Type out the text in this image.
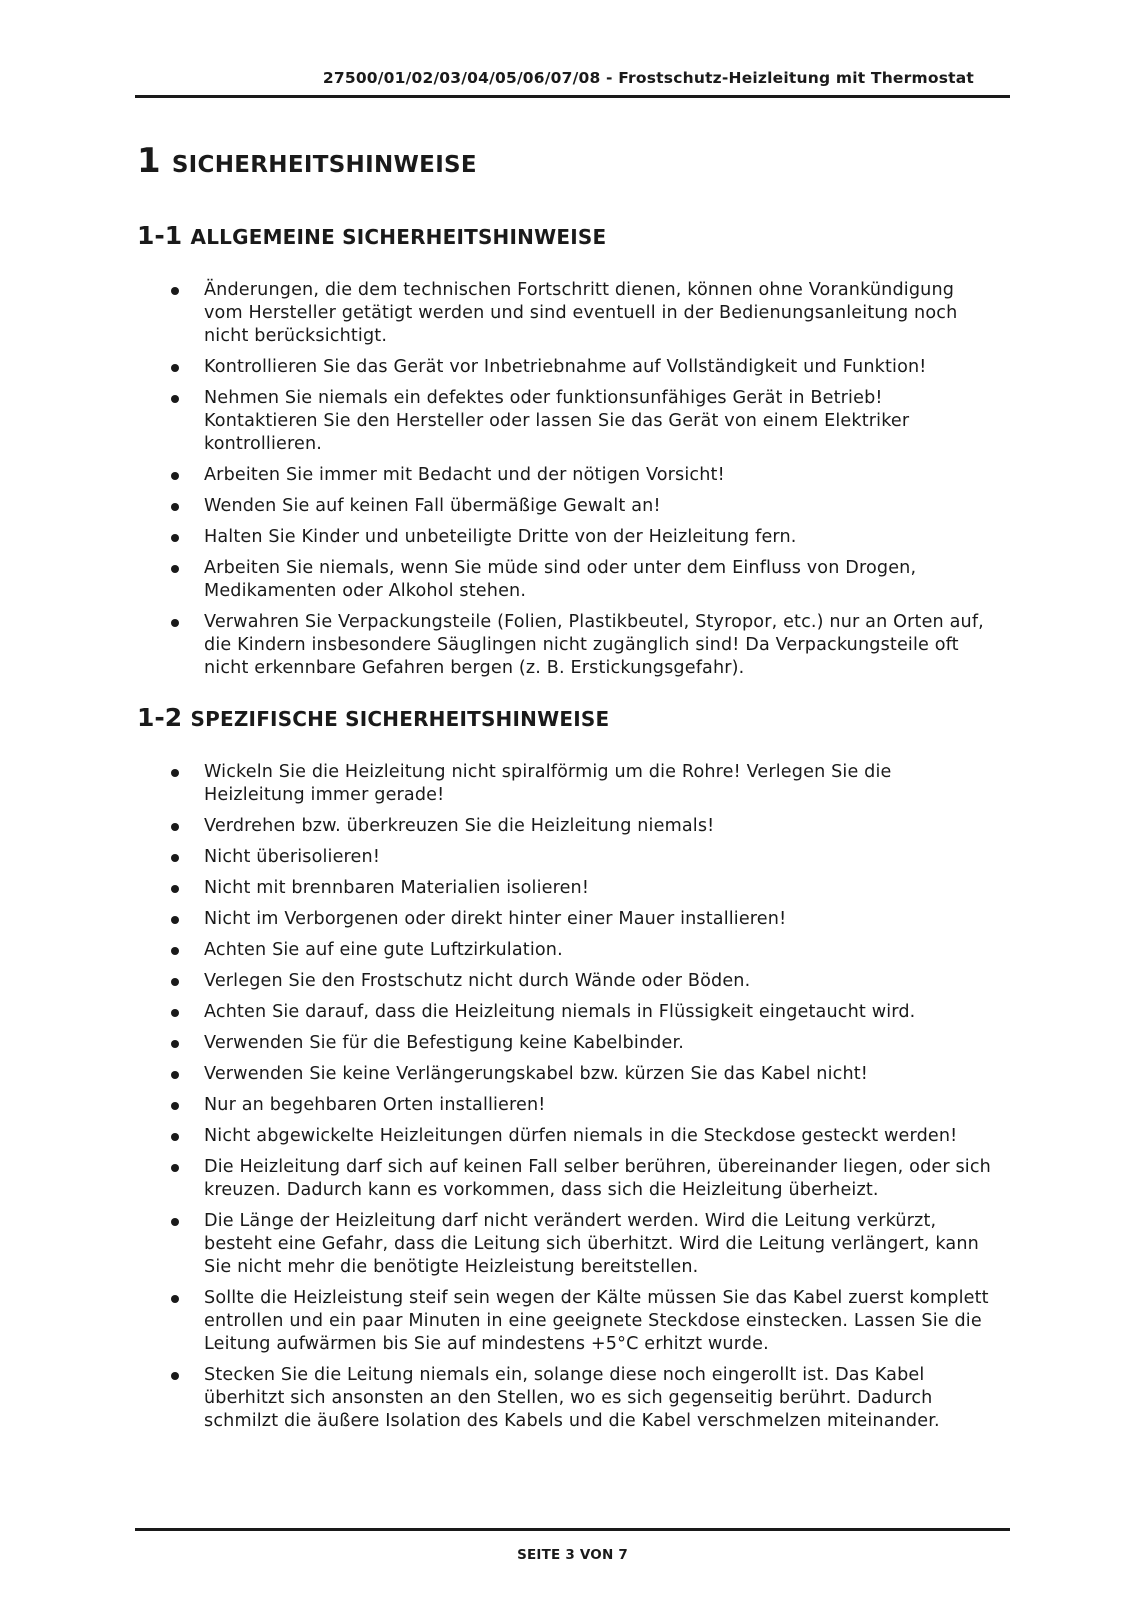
27500/01/02/03/04/05/06/07/08 - Frostschutz-Heizleitung mit Thermostat
1 SICHERHEITSHINWEISE
1-1 ALLGEMEINE SICHERHEITSHINWEISE
Änderungen, die dem technischen Fortschritt dienen, können ohne Vorankündigung vom Hersteller getätigt werden und sind eventuell in der Bedienungsanleitung noch nicht berücksichtigt.
Kontrollieren Sie das Gerät vor Inbetriebnahme auf Vollständigkeit und Funktion!
Nehmen Sie niemals ein defektes oder funktionsunfähiges Gerät in Betrieb! Kontaktieren Sie den Hersteller oder lassen Sie das Gerät von einem Elektriker kontrollieren.
Arbeiten Sie immer mit Bedacht und der nötigen Vorsicht!
Wenden Sie auf keinen Fall übermäßige Gewalt an!
Halten Sie Kinder und unbeteiligte Dritte von der Heizleitung fern.
Arbeiten Sie niemals, wenn Sie müde sind oder unter dem Einfluss von Drogen, Medikamenten oder Alkohol stehen.
Verwahren Sie Verpackungsteile (Folien, Plastikbeutel, Styropor, etc.) nur an Orten auf, die Kindern insbesondere Säuglingen nicht zugänglich sind! Da Verpackungsteile oft nicht erkennbare Gefahren bergen (z. B. Erstickungsgefahr).
1-2 SPEZIFISCHE SICHERHEITSHINWEISE
Wickeln Sie die Heizleitung nicht spiralförmig um die Rohre! Verlegen Sie die Heizleitung immer gerade!
Verdrehen bzw. überkreuzen Sie die Heizleitung niemals!
Nicht überisolieren!
Nicht mit brennbaren Materialien isolieren!
Nicht im Verborgenen oder direkt hinter einer Mauer installieren!
Achten Sie auf eine gute Luftzirkulation.
Verlegen Sie den Frostschutz nicht durch Wände oder Böden.
Achten Sie darauf, dass die Heizleitung niemals in Flüssigkeit eingetaucht wird.
Verwenden Sie für die Befestigung keine Kabelbinder.
Verwenden Sie keine Verlängerungskabel bzw. kürzen Sie das Kabel nicht!
Nur an begehbaren Orten installieren!
Nicht abgewickelte Heizleitungen dürfen niemals in die Steckdose gesteckt werden!
Die Heizleitung darf sich auf keinen Fall selber berühren, übereinander liegen, oder sich kreuzen. Dadurch kann es vorkommen, dass sich die Heizleitung überheizt.
Die Länge der Heizleitung darf nicht verändert werden. Wird die Leitung verkürzt, besteht eine Gefahr, dass die Leitung sich überhitzt. Wird die Leitung verlängert, kann Sie nicht mehr die benötigte Heizleistung bereitstellen.
Sollte die Heizleistung steif sein wegen der Kälte müssen Sie das Kabel zuerst komplett entrollen und ein paar Minuten in eine geeignete Steckdose einstecken. Lassen Sie die Leitung aufwärmen bis Sie auf mindestens +5°C erhitzt wurde.
Stecken Sie die Leitung niemals ein, solange diese noch eingerollt ist. Das Kabel überhitzt sich ansonsten an den Stellen, wo es sich gegenseitig berührt. Dadurch schmilzt die äußere Isolation des Kabels und die Kabel verschmelzen miteinander.
SEITE 3 VON 7
